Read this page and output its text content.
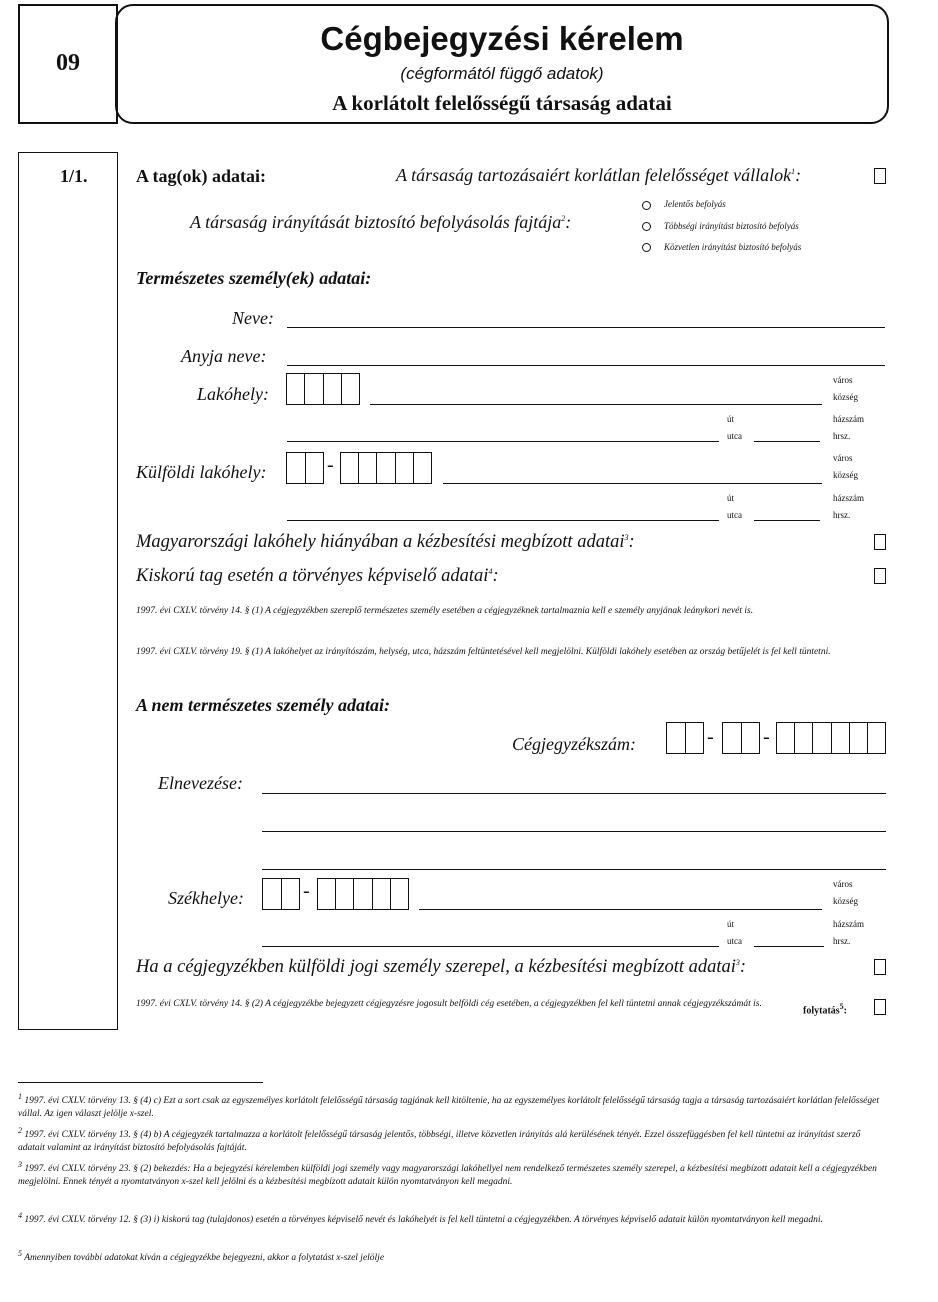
09
Cégbejegyzési kérelem
(cégformától függő adatok)
A korlátolt felelősségű társaság adatai
1/1.	A tag(ok) adatai:	A társaság tartozásaiért korlátlan felelősséget vállalok$^1$:
A társaság irányítását biztosító befolyásolás fajtája$^2$:
Jelentős befolyás
Többségi irányítást biztosító befolyás
Közvetlen irányítást biztosító befolyás
Természetes személy(ek) adatai:
Neve:
Anyja neve:
Lakóhely:
város
község
út
utca
házszám
hrsz.
Külföldi lakóhely:	-	város
község
út
utca
házszám
hrsz.
Magyarországi lakóhely hiányában a kézbesítési megbízott adatai$^3$:
Kiskorú tag esetén a törvényes képviselő adatai$^4$:
1997. évi CXLV. törvény 14. § (1) A cégjegyzékben szereplő természetes személy esetében a cégjegyzéknek tartalmaznia kell e személy anyjának leánykori nevét is.
1997. évi CXLV. törvény 19. § (1) A lakóhelyet az irányítószám, helység, utca, házszám feltüntetésével kell megjelölni. Külföldi lakóhely esetében az ország betűjelét is fel kell tüntetni.
A nem természetes személy adatai:
Cégjegyzékszám:	- -
Elnevezése:
Székhelye:	-	város
község
út
utca
házszám
hrsz.
Ha a cégjegyzékben külföldi jogi személy szerepel, a kézbesítési megbízott adatai$^3$:
1997. évi CXLV. törvény 14. § (2) A cégjegyzékbe bejegyzett cégjegyzésre jogosult belföldi cég esetében, a cégjegyzékben fel kell tüntetni annak cégjegyzékszámát is.
folytatás$^5$:
$^1$ 1997. évi CXLV. törvény 13. § (4) c) Ezt a sort csak az egyszemélyes korlátolt felelősségű társaság tagjának kell kitöltenie, ha az egyszemélyes korlátolt felelősségű társaság tagja a társaság tartozásaiért korlátlan felelősséget vállal. Az igen választ jelölje x-szel.
$^2$ 1997. évi CXLV. törvény 13. § (4) b) A cégjegyzék tartalmazza a korlátolt felelősségű társaság jelentős, többségi, illetve közvetlen irányítás alá kerülésének tényét. Ezzel összefüggésben fel kell tüntetni az irányítást szerző adatait valamint az irányítást biztosító befolyásolás fajtáját.
$^3$ 1997. évi CXLV. törvény 23. § (2) bekezdés: Ha a bejegyzési kérelemben külföldi jogi személy vagy magyarországi lakóhellyel nem rendelkező természetes személy szerepel, a kézbesítési megbízott adatait kell a cégjegyzékben megjelölni. Ennek tényét a nyomtatványon x-szel kell jelölni és a kézbesítési megbízott adatait külön nyomtatványon kell megadni.
$^4$ 1997. évi CXLV. törvény 12. § (3) i) kiskorú tag (tulajdonos) esetén a törvényes képviselő nevét és lakóhelyét is fel kell tüntetni a cégjegyzékben. A törvényes képviselő adatait külön nyomtatványon kell megadni.
$^5$ Amennyiben további adatokat kíván a cégjegyzékbe bejegyezni, akkor a folytatást x-szel jelölje
